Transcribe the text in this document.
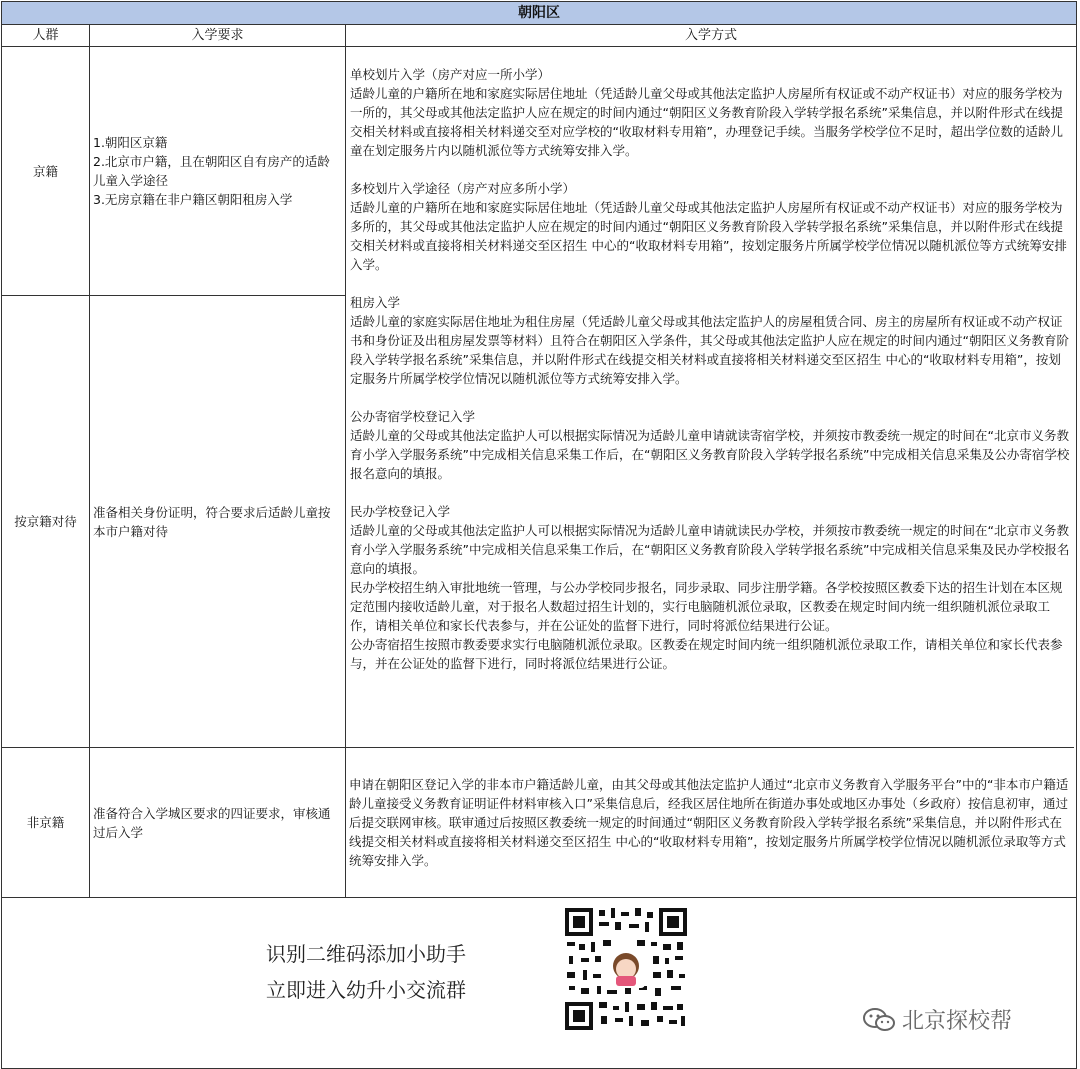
朝阳区
人群	入学要求	入学方式
京籍
按京籍对待
非京籍

1.朝阳区京籍

2.北京市户籍，且在朝阳区自有房产的适龄儿童入学途径

3.无房京籍在非户籍区朝阳租房入学

准备相关身份证明，符合要求后适龄儿童按本市户籍对待

准备符合入学城区要求的四证要求，审核通过后入学

单校划片入学（房产对应一所小学）

适龄儿童的户籍所在地和家庭实际居住地址（凭适龄儿童父母或其他法定监护人房屋所有权证或不动产权证书）对应的服务学校为一所的，其父母或其他法定监护人应在规定的时间内通过“朝阳区义务教育阶段入学转学报名系统”采集信息，并以附件形式在线提交相关材料或直接将相关材料递交至对应学校的“收取材料专用箱”，办理登记手续。当服务学校学位不足时，超出学位数的适龄儿童在划定服务片内以随机派位等方式统筹安排入学。

多校划片入学途径（房产对应多所小学）

适龄儿童的户籍所在地和家庭实际居住地址（凭适龄儿童父母或其他法定监护人房屋所有权证或不动产权证书）对应的服务学校为多所的，其父母或其他法定监护人应在规定的时间内通过“朝阳区义务教育阶段入学转学报名系统”采集信息，并以附件形式在线提交相关材料或直接将相关材料递交至区招生 中心的“收取材料专用箱”，按划定服务片所属学校学位情况以随机派位等方式统筹安排入学。

租房入学

适龄儿童的家庭实际居住地址为租住房屋（凭适龄儿童父母或其他法定监护人的房屋租赁合同、房主的房屋所有权证或不动产权证书和身份证及出租房屋发票等材料）且符合在朝阳区入学条件，其父母或其他法定监护人应在规定的时间内通过“朝阳区义务教育阶段入学转学报名系统”采集信息，并以附件形式在线提交相关材料或直接将相关材料递交至区招生 中心的“收取材料专用箱”，按划定服务片所属学校学位情况以随机派位等方式统筹安排入学。

公办寄宿学校登记入学

适龄儿童的父母或其他法定监护人可以根据实际情况为适龄儿童申请就读寄宿学校，并须按市教委统一规定的时间在“北京市义务教育小学入学服务系统”中完成相关信息采集工作后，在“朝阳区义务教育阶段入学转学报名系统”中完成相关信息采集及公办寄宿学校报名意向的填报。

民办学校登记入学

适龄儿童的父母或其他法定监护人可以根据实际情况为适龄儿童申请就读民办学校，并须按市教委统一规定的时间在“北京市义务教育小学入学服务系统”中完成相关信息采集工作后，在“朝阳区义务教育阶段入学转学报名系统”中完成相关信息采集及民办学校报名意向的填报。

民办学校招生纳入审批地统一管理，与公办学校同步报名，同步录取、同步注册学籍。各学校按照区教委下达的招生计划在本区规定范围内接收适龄儿童，对于报名人数超过招生计划的，实行电脑随机派位录取，区教委在规定时间内统一组织随机派位录取工作，请相关单位和家长代表参与，并在公证处的监督下进行，同时将派位结果进行公证。

公办寄宿招生按照市教委要求实行电脑随机派位录取。区教委在规定时间内统一组织随机派位录取工作，请相关单位和家长代表参与，并在公证处的监督下进行，同时将派位结果进行公证。

申请在朝阳区登记入学的非本市户籍适龄儿童，由其父母或其他法定监护人通过“北京市义务教育入学服务平台”中的“非本市户籍适龄儿童接受义务教育证明证件材料审核入口”采集信息后，经我区居住地所在街道办事处或地区办事处（乡政府）按信息初审，通过后提交联网审核。联审通过后按照区教委统一规定的时间通过“朝阳区义务教育阶段入学转学报名系统”采集信息，并以附件形式在线提交相关材料或直接将相关材料递交至区招生 中心的“收取材料专用箱”，按划定服务片所属学校学位情况以随机派位录取等方式统筹安排入学。

识别二维码添加小助手
立即进入幼升小交流群
北京探校帮
